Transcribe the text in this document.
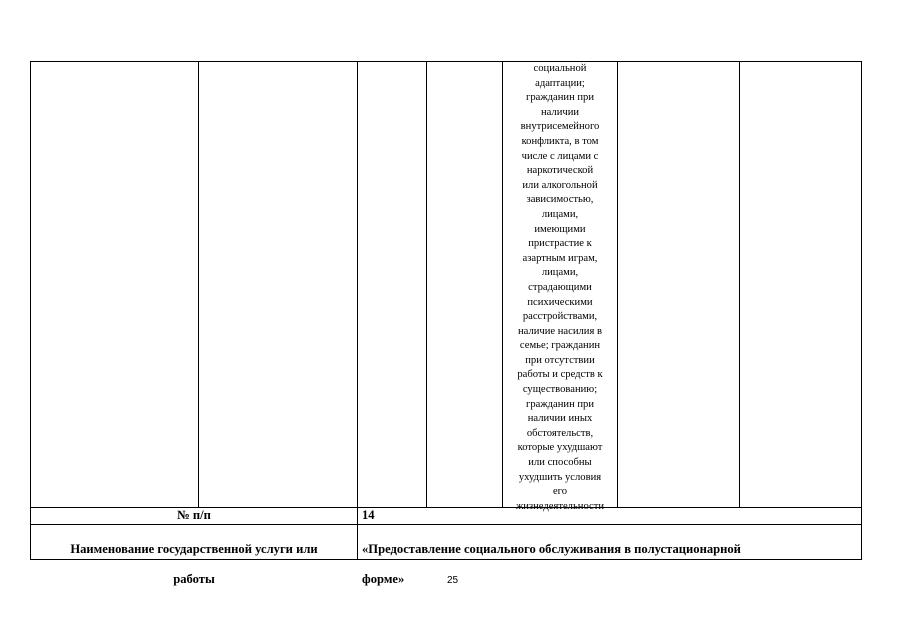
социальной
адаптации;
гражданин при
наличии
внутрисемейного
конфликта, в том
числе с лицами с
наркотической
или алкогольной
зависимостью,
лицами,
имеющими
пристрастие к
азартным играм,
лицами,
страдающими
психическими
расстройствами,
наличие насилия в
семье; гражданин
при отсутствии
работы и средств к
существованию;
гражданин при
наличии иных
обстоятельств,
которые ухудшают
или способны
ухудшить условия
его
жизнедеятельности
№ п/п	14

Наименование государственной услуги или

работы

«Предоставление социального обслуживания в полустационарной

форме»	25
